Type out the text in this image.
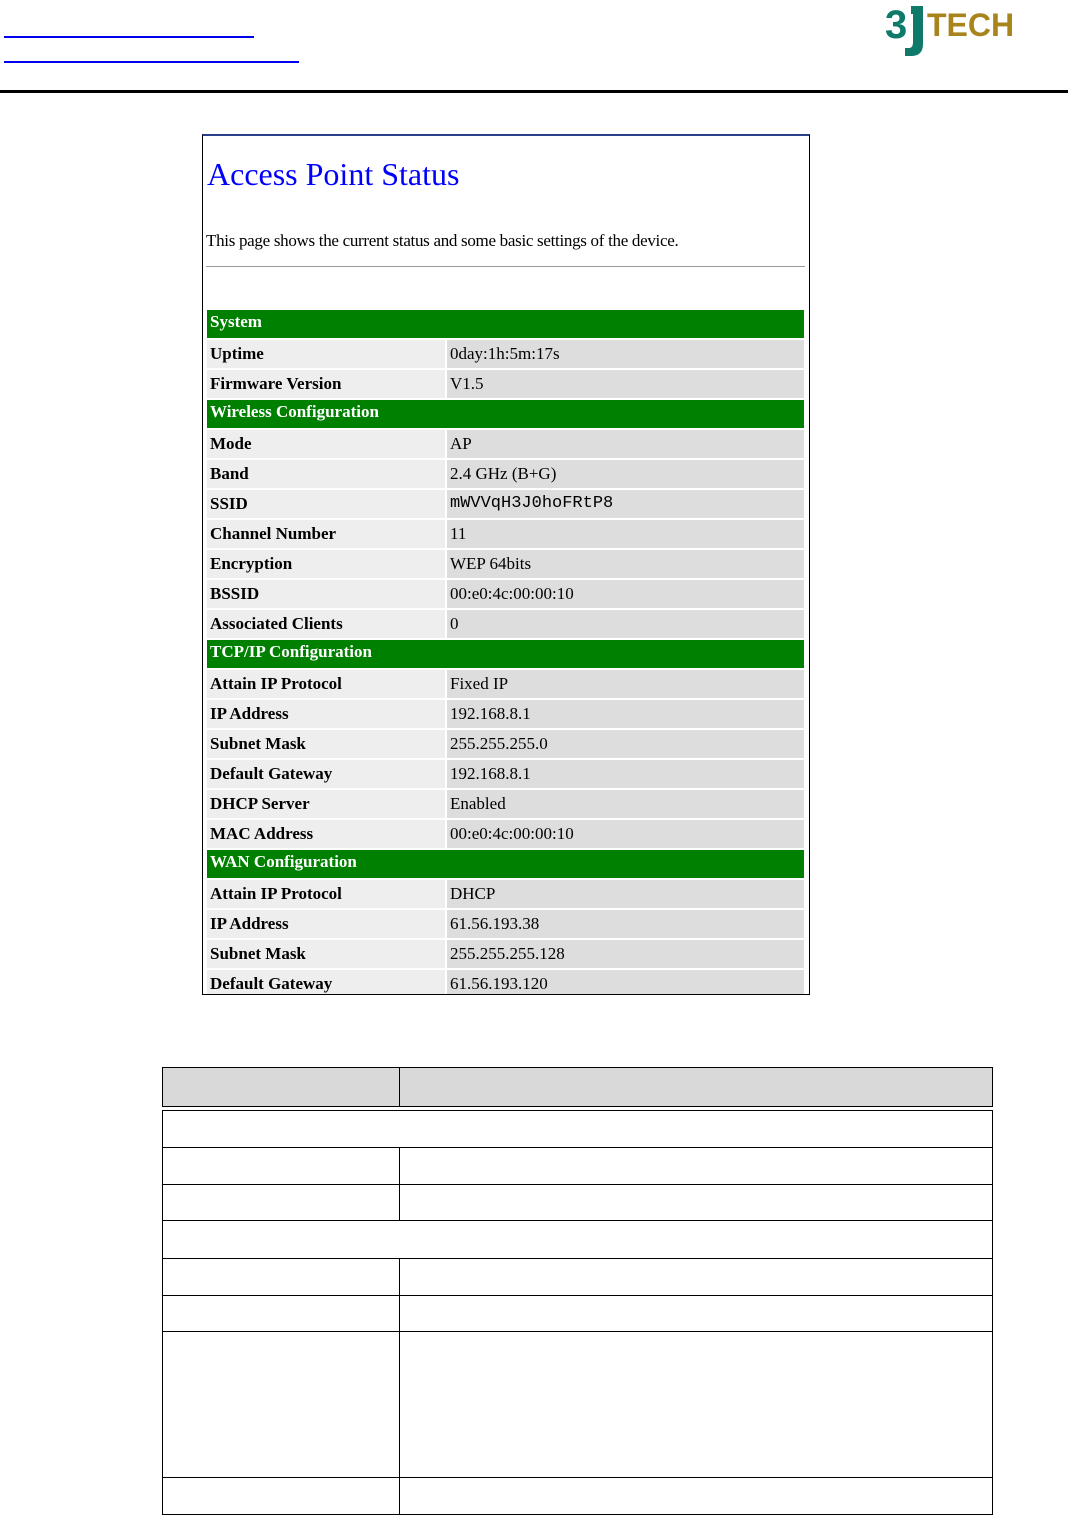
3 TECH
Access Point Status
This page shows the current status and some basic settings of the device.
System
Uptime	0day:1h:5m:17s
Firmware Version	V1.5
Wireless Configuration
Mode	AP
Band	2.4 GHz (B+G)
SSID	mWVVqH3J0hoFRtP8
Channel Number	11
Encryption	WEP 64bits
BSSID	00:e0:4c:00:00:10
Associated Clients	0
TCP/IP Configuration
Attain IP Protocol	Fixed IP
IP Address	192.168.8.1
Subnet Mask	255.255.255.0
Default Gateway	192.168.8.1
DHCP Server	Enabled
MAC Address	00:e0:4c:00:00:10
WAN Configuration
Attain IP Protocol	DHCP
IP Address	61.56.193.38
Subnet Mask	255.255.255.128
Default Gateway	61.56.193.120
